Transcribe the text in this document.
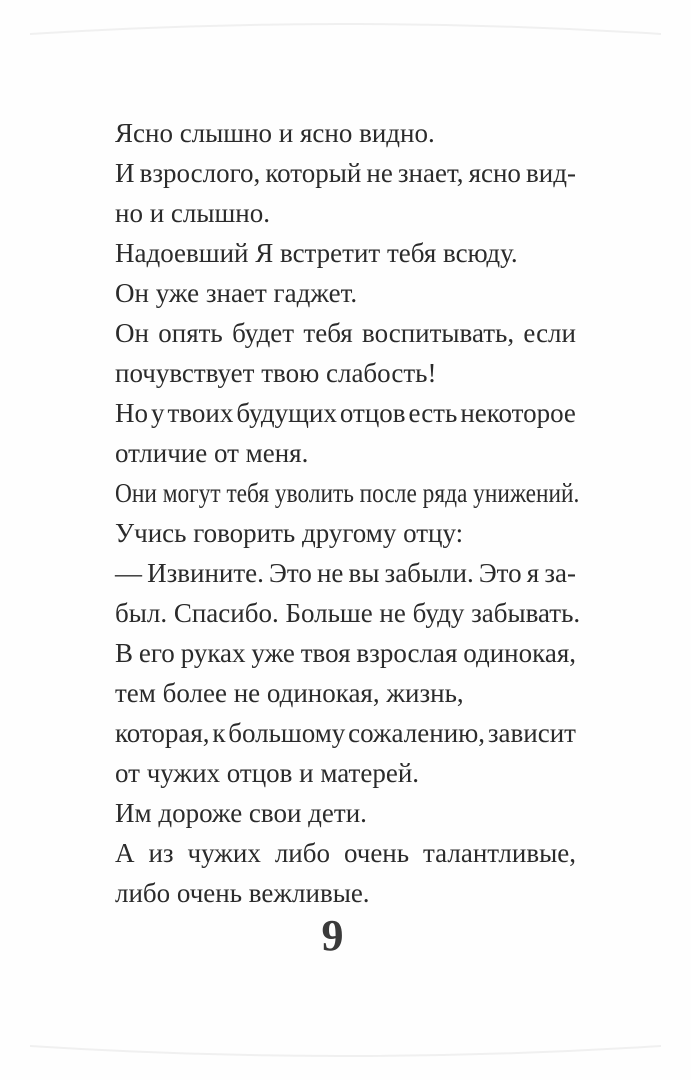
Ясно слышно и ясно видно.
И взрослого, который не знает, ясно вид-
но и слышно.
Надоевший Я встретит тебя всюду.
Он уже знает гаджет.
Он опять будет тебя воспитывать, если
почувствует твою слабость!
Но у твоих будущих отцов есть некоторое
отличие от меня.
Они могут тебя уволить после ряда унижений.
Учись говорить другому отцу:
— Извините. Это не вы забыли. Это я за-
был. Спасибо. Больше не буду забывать.
В его руках уже твоя взрослая одинокая,
тем более не одинокая, жизнь,
которая, к большому сожалению, зависит
от чужих отцов и матерей.
Им дороже свои дети.
А из чужих либо очень талантливые,
либо очень вежливые.
9
